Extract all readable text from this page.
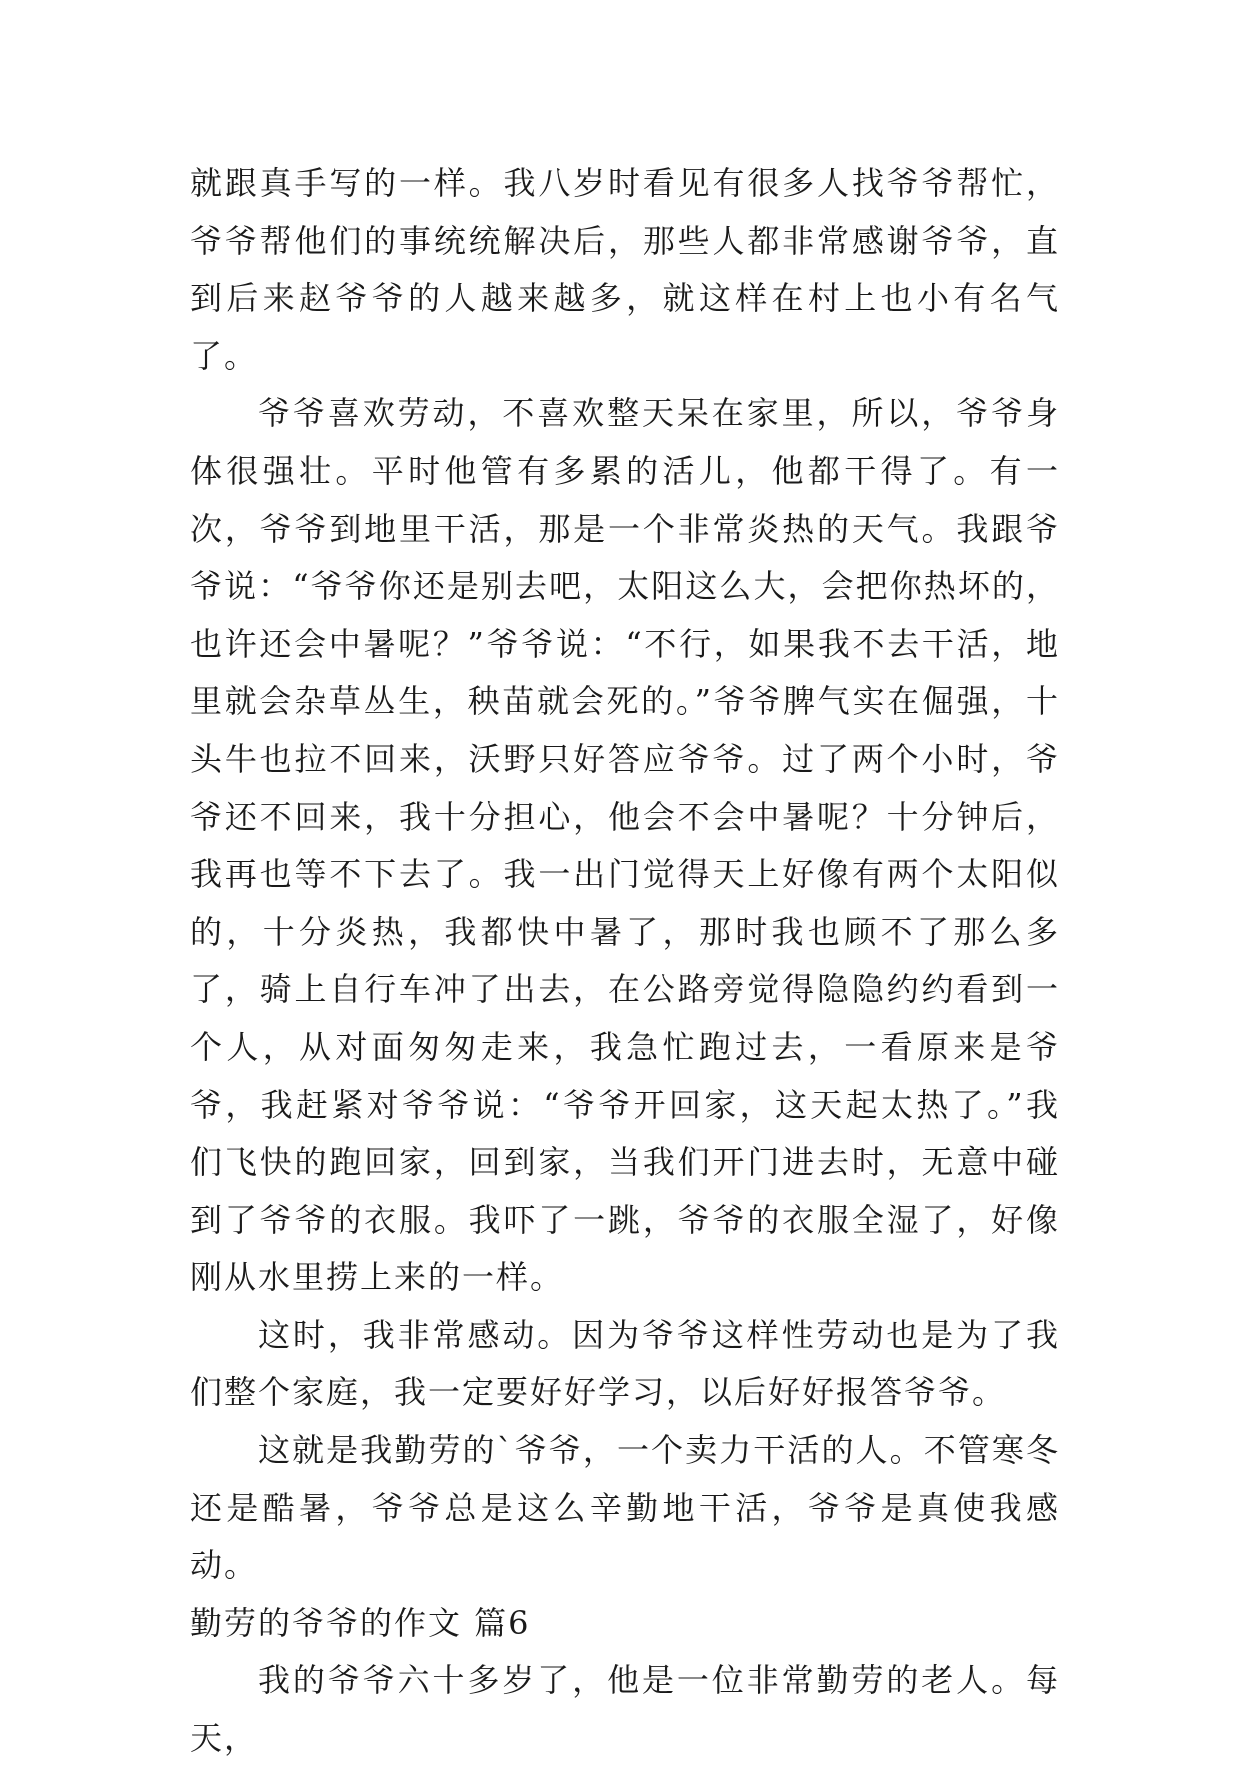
就跟真手写的一样。我八岁时看见有很多人找爷爷帮忙，爷爷帮他们的事统统解决后，那些人都非常感谢爷爷，直到后来赵爷爷的人越来越多，就这样在村上也小有名气了。

爷爷喜欢劳动，不喜欢整天呆在家里，所以，爷爷身体很强壮。平时他管有多累的活儿，他都干得了。有一次，爷爷到地里干活，那是一个非常炎热的天气。我跟爷爷说：“爷爷你还是别去吧，太阳这么大，会把你热坏的，也许还会中暑呢？”爷爷说：“不行，如果我不去干活，地里就会杂草丛生，秧苗就会死的。”爷爷脾气实在倔强，十头牛也拉不回来，沃野只好答应爷爷。过了两个小时，爷爷还不回来，我十分担心，他会不会中暑呢？十分钟后，我再也等不下去了。我一出门觉得天上好像有两个太阳似的，十分炎热，我都快中暑了，那时我也顾不了那么多了，骑上自行车冲了出去，在公路旁觉得隐隐约约看到一个人，从对面匆匆走来，我急忙跑过去，一看原来是爷爷，我赶紧对爷爷说：“爷爷开回家，这天起太热了。”我们飞快的跑回家，回到家，当我们开门进去时，无意中碰到了爷爷的衣服。我吓了一跳，爷爷的衣服全湿了，好像刚从水里捞上来的一样。

这时，我非常感动。因为爷爷这样性劳动也是为了我们整个家庭，我一定要好好学习，以后好好报答爷爷。

这就是我勤劳的`爷爷，一个卖力干活的人。不管寒冬还是酷暑，爷爷总是这么辛勤地干活，爷爷是真使我感动。

勤劳的爷爷的作文 篇6

我的爷爷六十多岁了，他是一位非常勤劳的老人。每天，
